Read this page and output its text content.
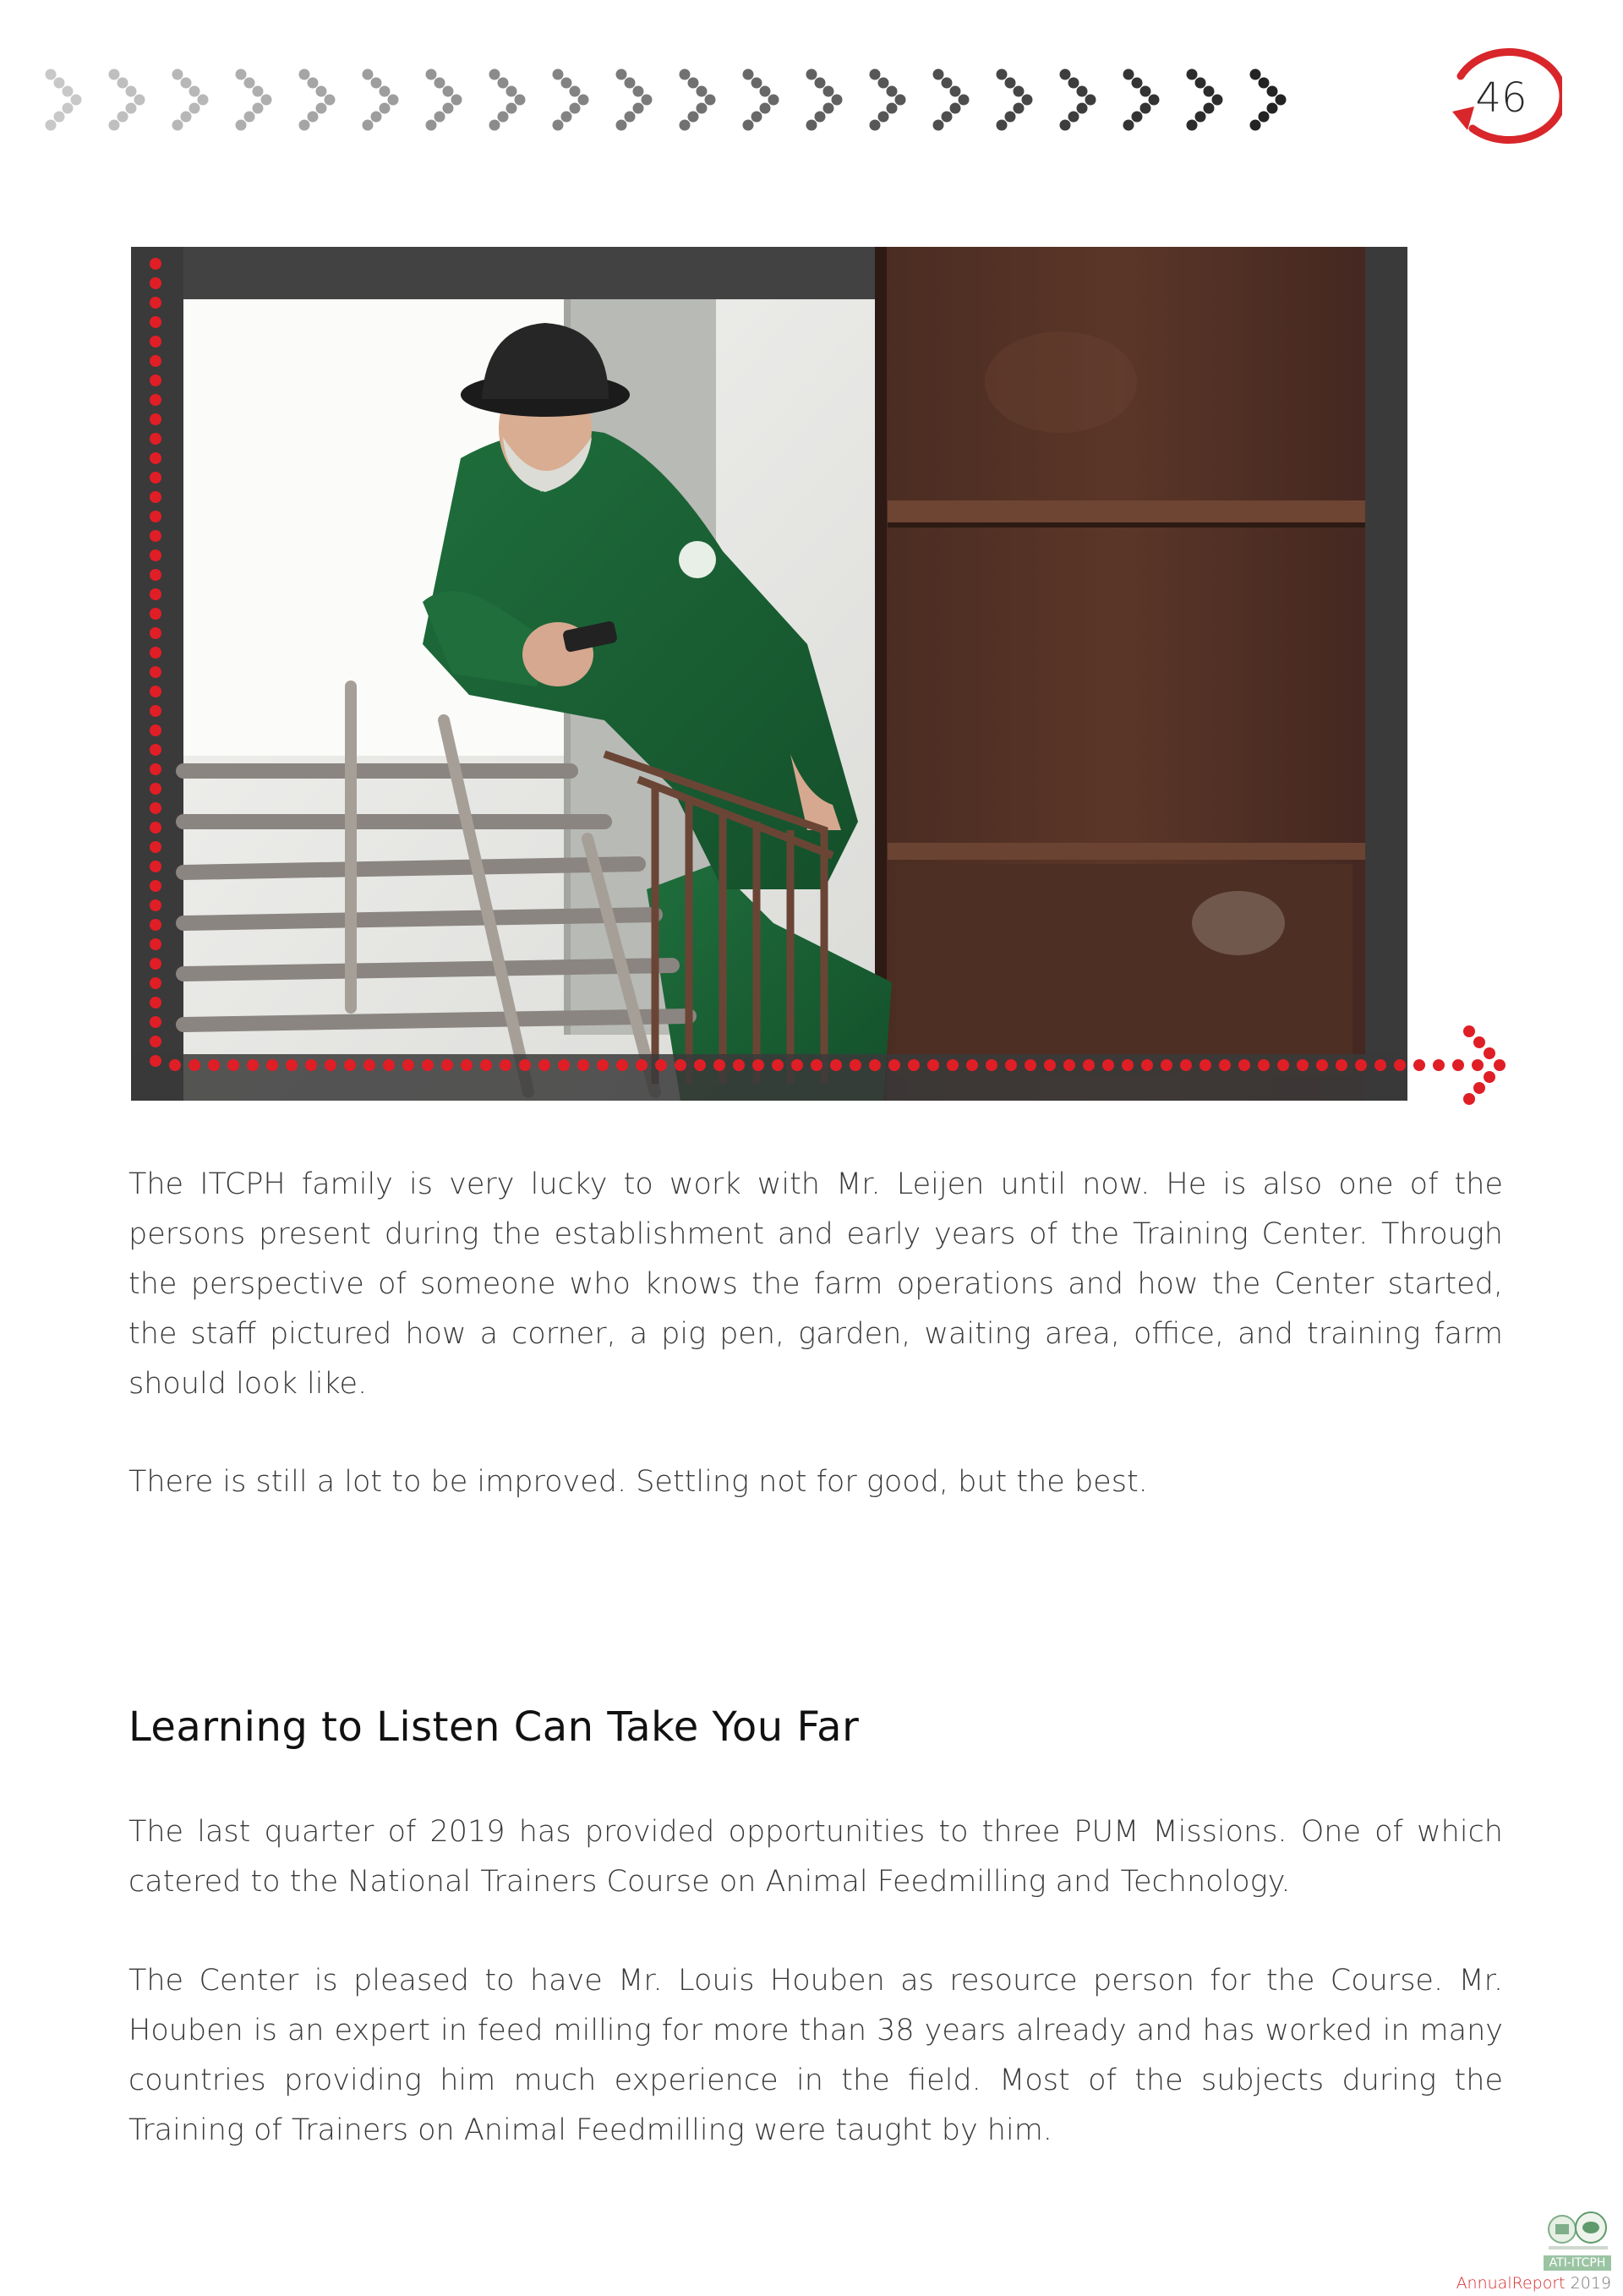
46

The ITCPH family is very lucky to work with Mr. Leijen until now. He is also one of the persons present during the establishment and early years of the Training Center. Through the perspective of someone who knows the farm operations and how the Center started, the staff pictured how a corner, a pig pen, garden, waiting area, office, and training farm should look like.

There is still a lot to be improved. Settling not for good, but the best.

Learning to Listen Can Take You Far

The last quarter of 2019 has provided opportunities to three PUM Missions. One of which catered to the National Trainers Course on Animal Feedmilling and Technology.

The Center is pleased to have Mr. Louis Houben as resource person for the Course. Mr. Houben is an expert in feed milling for more than 38 years already and has worked in many countries providing him much experience in the field. Most of the subjects during the Training of Trainers on Animal Feedmilling were taught by him.

ATI-ITCPH
AnnualReport 2019
